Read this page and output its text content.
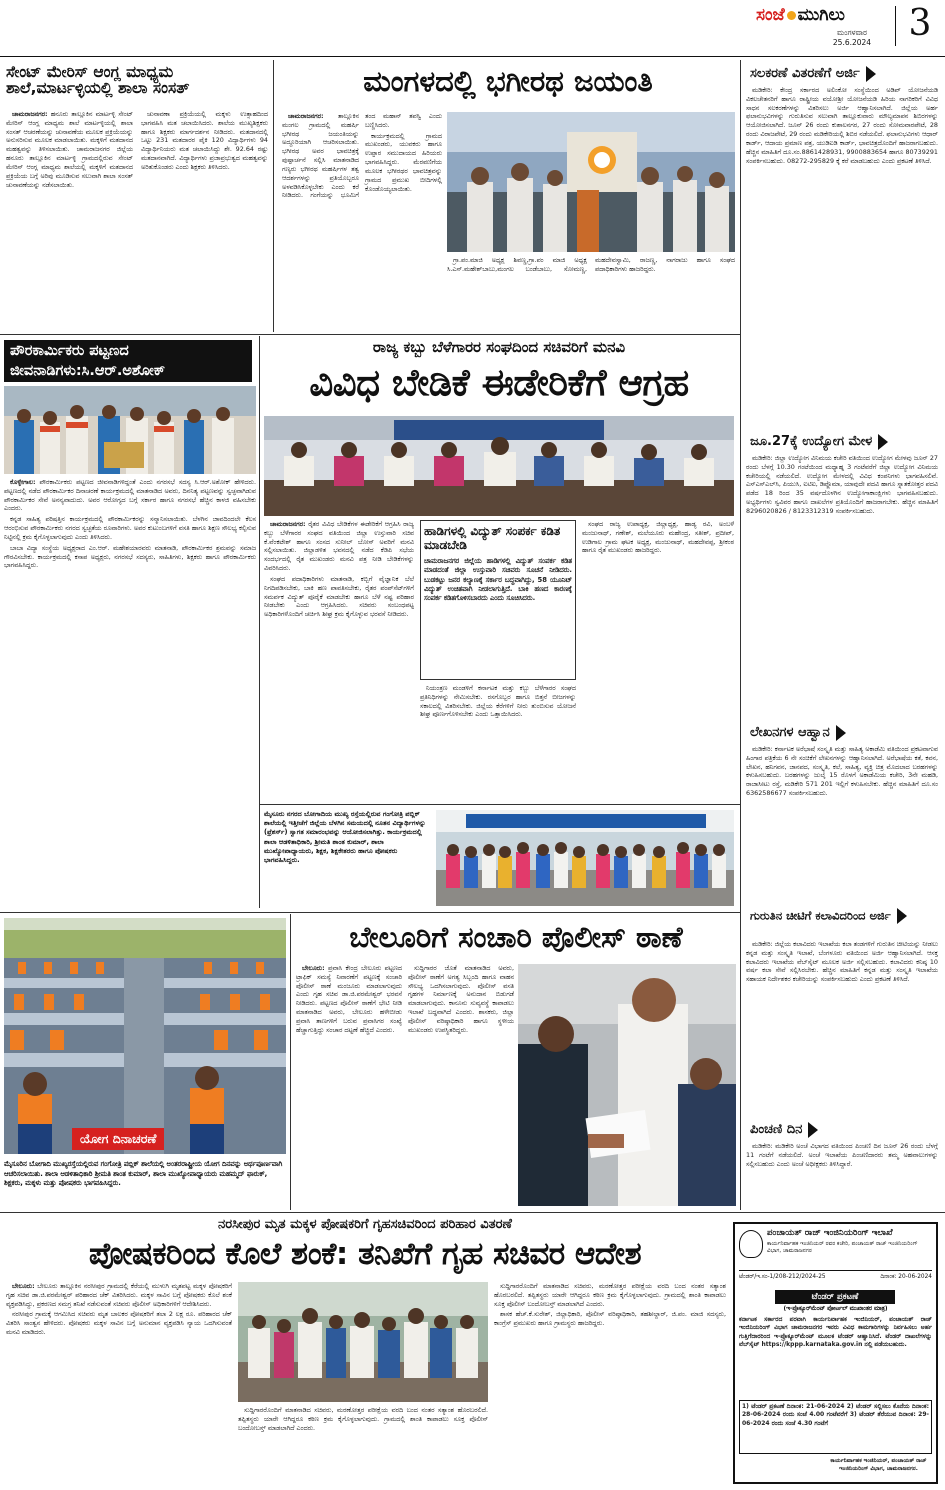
ಸಂಜೆ ಮುಗಿಲು
ಮಂಗಳವಾರ
25.6.2024	3
ಸೇಂಟ್ ಮೇರಿಸ್ ಆಂಗ್ಲ ಮಾಧ್ಯಮ ಶಾಲೆ,ಮಾರ್ಟಳ್ಳಿಯಲ್ಲಿ ಶಾಲಾ ಸಂಸತ್

ಚಾಮರಾಜನಗರ: ಹನೂರು ತಾಲ್ಲೂಕಿನ ಮಾರ್ಟಳ್ಳಿ ಸೇಂಟ್ ಮೇರಿಸ್ ಆಂಗ್ಲ ಮಾಧ್ಯಮ ಶಾಲೆ ಮಾರ್ಟಳ್ಳಿಯಲ್ಲಿ ಶಾಲಾ ಸಂಸತ್ ಆಚರಣೆಯನ್ನು ಚುನಾವಣೆಯ ಮೂಲಕ ಪ್ರಕ್ರಿಯೆಯನ್ನು ಅನುಸರಿಸುವ ಮೂಲಕ ಮಾಡಲಾಯಿತು. ಮಕ್ಕಳಿಗೆ ಮತದಾನದ ಮಹತ್ವವನ್ನು ತಿಳಿಸಲಾಯಿತು. ಚಾಮರಾಜನಗರ ಜಿಲ್ಲೆಯ ಹನೂರು ತಾಲ್ಲೂಕಿನ ಮಾರ್ಟಳ್ಳಿ ಗ್ರಾಮದಲ್ಲಿರುವ ಸೇಂಟ್ ಮೇರಿಸ್ ಆಂಗ್ಲ ಮಾಧ್ಯಮ ಶಾಲೆಯಲ್ಲಿ ಮಕ್ಕಳಿಗೆ ಮತದಾನದ ಪ್ರಕ್ರಿಯೆಯ ಬಗ್ಗೆ ಅರಿವು ಮೂಡಿಸುವ ಸಲುವಾಗಿ ಶಾಲಾ ಸಂಸತ್ ಚುನಾವಣೆಯನ್ನು ನಡೆಸಲಾಯಿತು.

ಚುನಾವಣಾ ಪ್ರಕ್ರಿಯೆಯಲ್ಲಿ ಮಕ್ಕಳು ಉತ್ಸಾಹದಿಂದ ಭಾಗವಹಿಸಿ ಮತ ಚಲಾಯಿಸಿದರು. ಶಾಲೆಯ ಮುಖ್ಯಶಿಕ್ಷಕರು ಹಾಗೂ ಶಿಕ್ಷಕರು ಮಾರ್ಗದರ್ಶನ ನೀಡಿದರು. ಮತದಾನದಲ್ಲಿ ಒಟ್ಟು 231 ಮತದಾರರ ಪೈಕಿ 120 ವಿದ್ಯಾರ್ಥಿಗಳು 94 ವಿದ್ಯಾರ್ಥಿನಿಯರು ಮತ ಚಲಾಯಿಸಿದ್ದು ಶೇ. 92.64 ರಷ್ಟು ಮತದಾನವಾಗಿದೆ. ವಿದ್ಯಾರ್ಥಿಗಳು ಪ್ರಜಾಪ್ರಭುತ್ವದ ಮಹತ್ವವನ್ನು ಅರಿತುಕೊಂಡರು ಎಂದು ಶಿಕ್ಷಕರು ತಿಳಿಸಿದರು.

ಮಂಗಳದಲ್ಲಿ ಭಗೀರಥ ಜಯಂತಿ

ಚಾಮರಾಜನಗರ: ತಾಲ್ಲೂಕಿನ ಮಂಗಲ ಗ್ರಾಮದಲ್ಲಿ ಮಹರ್ಷಿ ಭಗೀರಥ ಜಯಂತಿಯನ್ನು ಅದ್ದೂರಿಯಾಗಿ ಆಚರಿಸಲಾಯಿತು. ಭಗೀರಥ ಅವರ ಭಾವಚಿತ್ರಕ್ಕೆ ಪುಷ್ಪಾರ್ಚನೆ ಸಲ್ಲಿಸಿ ಮಾತನಾಡಿದ ಗಣ್ಯರು ಭಗೀರಥ ಮಹರ್ಷಿಗಳ ತತ್ವ ಆದರ್ಶಗಳನ್ನು ಪ್ರತಿಯೊಬ್ಬರೂ ಅಳವಡಿಸಿಕೊಳ್ಳಬೇಕು ಎಂದು ಕರೆ ನೀಡಿದರು. ಗಂಗೆಯನ್ನು ಭೂಮಿಗೆ ತಂದ ಮಹಾನ್ ತಪಸ್ವಿ ಎಂದು ಬಣ್ಣಿಸಿದರು.

ಕಾರ್ಯಕ್ರಮದಲ್ಲಿ ಗ್ರಾಮದ ಮುಖಂಡರು, ಯುವಕರು ಹಾಗೂ ಉಪ್ಪಾರ ಸಮುದಾಯದ ಹಿರಿಯರು ಭಾಗವಹಿಸಿದ್ದರು. ಮೆರವಣಿಗೆಯ ಮೂಲಕ ಭಗೀರಥರ ಭಾವಚಿತ್ರವನ್ನು ಗ್ರಾಮದ ಪ್ರಮುಖ ಬೀದಿಗಳಲ್ಲಿ ಕೊಂಡೊಯ್ಯಲಾಯಿತು.

ಗ್ರಾ.ಪಂ.ಮಾಜಿ ಅಧ್ಯಕ್ಷ ಶಿವಣ್ಣ,ಗ್ರಾ.ಪಂ ಮಾಜಿ ಅಧ್ಯಕ್ಷ ಸಿ.ಎಸ್.ಮಹೇಶ್‌ಬಾಬು,ಮಂಗಲ ಬಂಡೆಬಾಬು, ಸೋಮಣ್ಣ, ಮಹದೇವಸ್ವಾಮಿ, ರಾಜಣ್ಣ, ನಾಗರಾಜು ಹಾಗೂ ಸಂಘದ ಪದಾಧಿಕಾರಿಗಳು ಹಾಜರಿದ್ದರು.

ಸಲಕರಣೆ ವಿತರಣೆಗೆ ಅರ್ಜಿ
ಮಡಿಕೇರಿ: ಕೇಂದ್ರ ಸರ್ಕಾರದ ಅಲಿಂಕೋ ಸಂಸ್ಥೆಯಿಂದ ಅಡಿಪ್ ಯೋಜನೆಯಡಿ ವಿಕಲಚೇತನರಿಗೆ ಹಾಗೂ ರಾಷ್ಟ್ರೀಯ ವಯೋಶ್ರೀ ಯೋಜನೆಯಡಿ ಹಿರಿಯ ನಾಗರಿಕರಿಗೆ ವಿವಿಧ ಸಾಧನ ಸಲಕರಣೆಗಳನ್ನು ವಿತರಿಸಲು ಅರ್ಜಿ ಆಹ್ವಾನಿಸಲಾಗಿದೆ. ಜಿಲ್ಲೆಯ ಅರ್ಹ ಫಲಾನುಭವಿಗಳನ್ನು ಗುರುತಿಸುವ ಸಲುವಾಗಿ ತಾಲ್ಲೂಕುವಾರು ಮೌಲ್ಯಮಾಪನ ಶಿಬಿರಗಳನ್ನು ಆಯೋಜಿಸಲಾಗಿದೆ. ಜೂನ್ 26 ರಂದು ಕುಶಾಲನಗರ, 27 ರಂದು ಸೋಮವಾರಪೇಟೆ, 28 ರಂದು ವಿರಾಜಪೇಟೆ, 29 ರಂದು ಮಡಿಕೇರಿಯಲ್ಲಿ ಶಿಬಿರ ನಡೆಯಲಿದೆ. ಫಲಾನುಭವಿಗಳು ಆಧಾರ್ ಕಾರ್ಡ್, ಆದಾಯ ಪ್ರಮಾಣ ಪತ್ರ, ಯುಡಿಐಡಿ ಕಾರ್ಡ್, ಭಾವಚಿತ್ರದೊಂದಿಗೆ ಹಾಜರಾಗಬಹುದು. ಹೆಚ್ಚಿನ ಮಾಹಿತಿಗೆ ದೂ.ಸಂ.8861428931, 9900883654 ಹಾಗೂ 80739291 ಸಂಪರ್ಕಿಸಬಹುದು. 08272-295829 ಕ್ಕೆ ಕರೆ ಮಾಡಬಹುದು ಎಂದು ಪ್ರಕಟಣೆ ತಿಳಿಸಿದೆ.
ಜೂ.27ಕ್ಕೆ ಉದ್ಯೋಗ ಮೇಳ
ಮಡಿಕೇರಿ: ಜಿಲ್ಲಾ ಉದ್ಯೋಗ ವಿನಿಮಯ ಕಚೇರಿ ವತಿಯಿಂದ ಉದ್ಯೋಗ ಮೇಳವು ಜೂನ್ 27 ರಂದು ಬೆಳಗ್ಗೆ 10.30 ಗಂಟೆಯಿಂದ ಮಧ್ಯಾಹ್ನ 3 ಗಂಟೆವರೆಗೆ ಜಿಲ್ಲಾ ಉದ್ಯೋಗ ವಿನಿಮಯ ಕಚೇರಿಯಲ್ಲಿ ನಡೆಯಲಿದೆ. ಉದ್ಯೋಗ ಮೇಳದಲ್ಲಿ ವಿವಿಧ ಕಂಪನಿಗಳು ಭಾಗವಹಿಸಲಿವೆ. ಎಸ್‌ಎಸ್‌ಎಲ್‌ಸಿ, ಪಿಯುಸಿ, ಐಟಿಐ, ಡಿಪ್ಲೊಮಾ, ಯಾವುದೇ ಪದವಿ ಹಾಗೂ ಸ್ನಾತಕೋತ್ತರ ಪದವಿ ಪಡೆದ 18 ರಿಂದ 35 ವರ್ಷದೊಳಗಿನ ಉದ್ಯೋಗಾಕಾಂಕ್ಷಿಗಳು ಭಾಗವಹಿಸಬಹುದು. ಅಭ್ಯರ್ಥಿಗಳು ಸ್ವವಿವರ ಹಾಗೂ ದಾಖಲೆಗಳ ಪ್ರತಿಯೊಂದಿಗೆ ಹಾಜರಾಗಬೇಕು. ಹೆಚ್ಚಿನ ಮಾಹಿತಿಗೆ 8296020826 / 8123312319 ಸಂಪರ್ಕಿಸಬಹುದು.
ಲೇಖನಗಳ ಆಹ್ವಾನ
ಮಡಿಕೇರಿ: ಕರ್ನಾಟಕ ಅರೆಭಾಷೆ ಸಂಸ್ಕೃತಿ ಮತ್ತು ಸಾಹಿತ್ಯ ಅಕಾಡೆಮಿ ವತಿಯಿಂದ ಪ್ರಕಟವಾಗುವ ಹಿಂಗಾರ ಪತ್ರಿಕೆಯ 6 ನೇ ಸಂಚಿಕೆಗೆ ಲೇಖನಗಳನ್ನು ಆಹ್ವಾನಿಸಲಾಗಿದೆ. ಅರೆಭಾಷೆಯ ಕತೆ, ಕವನ, ಲೇಖನ, ಹನಿಗವನ, ಜಾನಪದ, ಸಂಸ್ಕೃತಿ, ಕಲೆ, ಸಾಹಿತ್ಯ, ವ್ಯಕ್ತಿ ಚಿತ್ರ ಮೊದಲಾದ ಬರಹಗಳನ್ನು ಕಳುಹಿಸಬಹುದು. ಬರಹಗಳನ್ನು ಜುಲೈ 15 ರೊಳಗೆ ಅಕಾಡೆಮಿಯ ಕಚೇರಿ, 3ನೇ ಮಹಡಿ, ರಾಜಾಸೀಟು ರಸ್ತೆ, ಮಡಿಕೇರಿ 571 201 ಇಲ್ಲಿಗೆ ಕಳುಹಿಸಬೇಕು. ಹೆಚ್ಚಿನ ಮಾಹಿತಿಗೆ ದೂ.ಸಂ 6362586677 ಸಂಪರ್ಕಿಸಬಹುದು.
ಗುರುತಿನ ಚೀಟಿಗೆ ಕಲಾವಿದರಿಂದ ಅರ್ಜಿ
ಮಡಿಕೇರಿ: ಜಿಲ್ಲೆಯ ಕಲಾವಿದರು ಇಲಾಖೆಯ ಕಲಾ ತಂಡಗಳಿಗೆ ಗುರುತಿನ ಚೀಟಿಯನ್ನು ನೀಡಲು ಕನ್ನಡ ಮತ್ತು ಸಂಸ್ಕೃತಿ ಇಲಾಖೆ, ಬೆಂಗಳೂರು ವತಿಯಿಂದ ಅರ್ಜಿ ಆಹ್ವಾನಿಸಲಾಗಿದೆ. ಆಸಕ್ತ ಕಲಾವಿದರು ಇಲಾಖೆಯ ವೆಬ್‌ಸೈಟ್ ಮೂಲಕ ಅರ್ಜಿ ಸಲ್ಲಿಸಬಹುದು. ಕಲಾವಿದರು ಕನಿಷ್ಠ 10 ವರ್ಷ ಕಲಾ ಸೇವೆ ಸಲ್ಲಿಸಿರಬೇಕು. ಹೆಚ್ಚಿನ ಮಾಹಿತಿಗೆ ಕನ್ನಡ ಮತ್ತು ಸಂಸ್ಕೃತಿ ಇಲಾಖೆಯ ಸಹಾಯಕ ನಿರ್ದೇಶಕರ ಕಚೇರಿಯನ್ನು ಸಂಪರ್ಕಿಸಬಹುದು ಎಂದು ಪ್ರಕಟಣೆ ತಿಳಿಸಿದೆ.
ಪಿಂಚಣಿ ದಿನ
ಮಡಿಕೇರಿ: ಮಡಿಕೇರಿ ಅಂಚೆ ವಿಭಾಗದ ವತಿಯಿಂದ ಪಿಂಚಣಿ ದಿನ ಜೂನ್ 26 ರಂದು ಬೆಳಗ್ಗೆ 11 ಗಂಟೆಗೆ ನಡೆಯಲಿದೆ. ಅಂಚೆ ಇಲಾಖೆಯ ಪಿಂಚಣಿದಾರರು ತಮ್ಮ ಅಹವಾಲುಗಳನ್ನು ಸಲ್ಲಿಸಬಹುದು ಎಂದು ಅಂಚೆ ಅಧೀಕ್ಷಕರು ತಿಳಿಸಿದ್ದಾರೆ.
ಪೌರಕಾರ್ಮಿಕರು ಪಟ್ಟಣದ ಜೀವನಾಡಿಗಳು:ಸಿ.ಆರ್.ಅಶೋಕ್

ಕೊಳ್ಳೇಗಾಲ: ಪೌರಕಾರ್ಮಿಕರು ಪಟ್ಟಣದ ಜೀವನಾಡಿಗಳಿದ್ದಂತೆ ಎಂದು ನಗರಸಭೆ ಸದಸ್ಯ ಸಿ.ಆರ್.ಅಶೋಕ್ ಹೇಳಿದರು. ಪಟ್ಟಣದಲ್ಲಿ ನಡೆದ ಪೌರಕಾರ್ಮಿಕರ ದಿನಾಚರಣೆ ಕಾರ್ಯಕ್ರಮದಲ್ಲಿ ಮಾತನಾಡಿದ ಅವರು, ದಿನನಿತ್ಯ ಪಟ್ಟಣವನ್ನು ಸ್ವಚ್ಛವಾಗಿಡುವ ಪೌರಕಾರ್ಮಿಕರ ಸೇವೆ ಅನನ್ಯವಾದುದು. ಅವರ ಆರೋಗ್ಯದ ಬಗ್ಗೆ ಸರ್ಕಾರ ಹಾಗೂ ನಗರಸಭೆ ಹೆಚ್ಚಿನ ಕಾಳಜಿ ವಹಿಸಬೇಕು ಎಂದರು.

ಕನ್ನಡ ಸಾಹಿತ್ಯ ಪರಿಷತ್ತಿನ ಕಾರ್ಯಕ್ರಮದಲ್ಲಿ ಪೌರಕಾರ್ಮಿಕರನ್ನು ಸನ್ಮಾನಿಸಲಾಯಿತು. ಬೆಳಗಿನ ಜಾವದಿಂದಲೇ ಕೆಲಸ ಆರಂಭಿಸುವ ಪೌರಕಾರ್ಮಿಕರು ನಗರದ ಸ್ವಚ್ಛತೆಯ ರೂವಾರಿಗಳು. ಅವರ ಕುಟುಂಬಗಳಿಗೆ ವಸತಿ ಹಾಗೂ ಶಿಕ್ಷಣ ಸೌಲಭ್ಯ ಕಲ್ಪಿಸುವ ನಿಟ್ಟಿನಲ್ಲಿ ಕ್ರಮ ಕೈಗೊಳ್ಳಲಾಗುವುದು ಎಂದು ತಿಳಿಸಿದರು.

ಬಾಬಾ ವಿದ್ಯಾ ಸಂಸ್ಥೆಯ ಅಧ್ಯಕ್ಷರಾದ ಎಂ.ಆರ್. ಮಹೇಶಯಾರವರು ಮಾತನಾಡಿ, ಪೌರಕಾರ್ಮಿಕರ ಶ್ರಮವನ್ನು ಸಮಾಜ ಗೌರವಿಸಬೇಕು. ಕಾರ್ಯಕ್ರಮದಲ್ಲಿ ಕಸಾಪ ಅಧ್ಯಕ್ಷರು, ನಗರಸಭೆ ಸದಸ್ಯರು, ಸಾಹಿತಿಗಳು, ಶಿಕ್ಷಕರು ಹಾಗೂ ಪೌರಕಾರ್ಮಿಕರು ಭಾಗವಹಿಸಿದ್ದರು.

ರಾಜ್ಯ ಕಬ್ಬು ಬೆಳೆಗಾರರ ಸಂಘದಿಂದ ಸಚಿವರಿಗೆ ಮನವಿ
ವಿವಿಧ ಬೇಡಿಕೆ ಈಡೇರಿಕೆಗೆ ಆಗ್ರಹ

ಚಾಮರಾಜನಗರ: ರೈತರ ವಿವಿಧ ಬೇಡಿಕೆಗಳ ಈಡೇರಿಕೆಗೆ ಆಗ್ರಹಿಸಿ ರಾಜ್ಯ ಕಬ್ಬು ಬೆಳೆಗಾರರ ಸಂಘದ ವತಿಯಿಂದ ಜಿಲ್ಲಾ ಉಸ್ತುವಾರಿ ಸಚಿವ ಕೆ.ವೆಂಕಟೇಶ್ ಹಾಗೂ ಸಂಸದ ಸುನೀಲ್ ಬೋಸ್ ಅವರಿಗೆ ಮನವಿ ಸಲ್ಲಿಸಲಾಯಿತು. ಜಿಲ್ಲಾಡಳಿತ ಭವನದಲ್ಲಿ ನಡೆದ ಕೆಡಿಪಿ ಸಭೆಯ ಸಂದರ್ಭದಲ್ಲಿ ರೈತ ಮುಖಂಡರು ಮನವಿ ಪತ್ರ ನೀಡಿ ಬೇಡಿಕೆಗಳನ್ನು ವಿವರಿಸಿದರು.

ಸಂಘದ ಪದಾಧಿಕಾರಿಗಳು ಮಾತನಾಡಿ, ಕಬ್ಬಿಗೆ ವೈಜ್ಞಾನಿಕ ಬೆಲೆ ನಿಗದಿಪಡಿಸಬೇಕು, ಬಾಕಿ ಹಣ ಪಾವತಿಸಬೇಕು, ರೈತರ ಪಂಪ್‌ಸೆಟ್‌ಗಳಿಗೆ ಸಮರ್ಪಕ ವಿದ್ಯುತ್ ಪೂರೈಕೆ ಮಾಡಬೇಕು ಹಾಗೂ ಬೆಳೆ ನಷ್ಟ ಪರಿಹಾರ ನೀಡಬೇಕು ಎಂದು ಆಗ್ರಹಿಸಿದರು. ಸಚಿವರು ಸಂಬಂಧಪಟ್ಟ ಅಧಿಕಾರಿಗಳೊಂದಿಗೆ ಚರ್ಚಿಸಿ ಶೀಘ್ರ ಕ್ರಮ ಕೈಗೊಳ್ಳುವ ಭರವಸೆ ನೀಡಿದರು.

ಹಾಡಿಗಳಲ್ಲಿ ವಿದ್ಯುತ್ ಸಂಪರ್ಕ ಕಡಿತ ಮಾಡಬೇಡಿ
ಚಾಮರಾಜನಗರ ಜಿಲ್ಲೆಯ ಹಾಡಿಗಳಲ್ಲಿ ವಿದ್ಯುತ್ ಸಂಪರ್ಕ ಕಡಿತ ಮಾಡದಂತೆ ಜಿಲ್ಲಾ ಉಸ್ತುವಾರಿ ಸಚಿವರು ಸೂಚನೆ ನೀಡಿದರು. ಬುಡಕಟ್ಟು ಜನರ ಕಲ್ಯಾಣಕ್ಕೆ ಸರ್ಕಾರ ಬದ್ಧವಾಗಿದ್ದು, 58 ಯೂನಿಟ್ ವಿದ್ಯುತ್ ಉಚಿತವಾಗಿ ನೀಡಲಾಗುತ್ತಿದೆ. ಬಾಕಿ ಹಣದ ಕಾರಣಕ್ಕೆ ಸಂಪರ್ಕ ಕಡಿತಗೊಳಿಸಬಾರದು ಎಂದು ಸೂಚಿಸಿದರು.

ನಿಯಂತ್ರಣ ಮಂಡಳಿಗೆ ಕರ್ನಾಟಕ ಮತ್ತು ಕಬ್ಬು ಬೆಳೆಗಾರರ ಸಂಘದ ಪ್ರತಿನಿಧಿಗಳನ್ನು ನೇಮಿಸಬೇಕು. ರಸಗೊಬ್ಬರ ಹಾಗೂ ಬಿತ್ತನೆ ಬೀಜಗಳನ್ನು ಸಕಾಲದಲ್ಲಿ ವಿತರಿಸಬೇಕು. ಜಿಲ್ಲೆಯ ಕೆರೆಗಳಿಗೆ ನೀರು ತುಂಬಿಸುವ ಯೋಜನೆ ಶೀಘ್ರ ಪೂರ್ಣಗೊಳಿಸಬೇಕು ಎಂದು ಒತ್ತಾಯಿಸಿದರು.

ಸಂಘದ ರಾಜ್ಯ ಉಪಾಧ್ಯಕ್ಷ, ಜಿಲ್ಲಾಧ್ಯಕ್ಷ, ಹಾಡ್ಯ ರವಿ, ಅಂಬಳೆ ಮಂಜುನಾಥ್, ಗಣೇಶ್, ಮಲೆಯೂರು ಮಹೇಂದ್ರ, ಸತೀಶ್, ಪ್ರದೀಪ್, ಉಡಿಗಾಲ ಗ್ರಾಮ ಘಟಕ ಅಧ್ಯಕ್ಷ, ಮಂಜುನಾಥ್, ಮಹದೇವಪ್ಪ, ಶ್ರೀಕಂಠ ಹಾಗೂ ರೈತ ಮುಖಂಡರು ಹಾಜರಿದ್ದರು.

ಮೈಸೂರು ನಗರದ ಬೋಗಾದಿಯ ಮುಖ್ಯ ರಸ್ತೆಯಲ್ಲಿರುವ ಗಂಗೋತ್ರಿ ಪಬ್ಲಿಕ್ ಶಾಲೆಯಲ್ಲಿ ಇತ್ತೀಚೆಗೆ ಜಿಲ್ಲೆಯ ಬೆಳಗಿನ ಸಮಯದಲ್ಲಿ ನೂತನ ವಿದ್ಯಾರ್ಥಿಗಳನ್ನು (ಫ್ರೆಶರ್ಸ್‌) ಸ್ವಾಗತ ಸಮಾರಂಭವನ್ನು ಆಯೋಜಿಸಲಾಗಿತ್ತು. ಕಾರ್ಯಕ್ರಮದಲ್ಲಿ ಶಾಲಾ ಆಡಳಿತಾಧಿಕಾರಿ, ಶ್ರೀಮತಿ ಶಾಂತ ಕುಮಾರ್, ಶಾಲಾ ಮುಖ್ಯೋಪಾಧ್ಯಾಯರು, ಶಿಕ್ಷಕ, ಶಿಕ್ಷಕೇತರರು ಹಾಗೂ ಪೋಷಕರು ಭಾಗವಹಿಸಿದ್ದರು.
ಯೋಗ ದಿನಾಚರಣೆ
ಮೈಸೂರಿನ ಬೋಗಾದಿ ಮುಖ್ಯರಸ್ತೆಯಲ್ಲಿರುವ ಗಂಗೋತ್ರಿ ಪಬ್ಲಿಕ್ ಶಾಲೆಯಲ್ಲಿ ಅಂತರರಾಷ್ಟ್ರೀಯ ಯೋಗ ದಿನವನ್ನು ಅರ್ಥಪೂರ್ಣವಾಗಿ ಆಚರಿಸಲಾಯಿತು. ಶಾಲಾ ಆಡಳಿತಾಧಿಕಾರಿ ಶ್ರೀಮತಿ ಶಾಂತ ಕುಮಾರ್, ಶಾಲಾ ಮುಖ್ಯೋಪಾಧ್ಯಾಯರು ಮಹಮ್ಮದ್ ಫಾರುಕ್, ಶಿಕ್ಷಕರು, ಮಕ್ಕಳು ಮತ್ತು ಪೋಷಕರು ಭಾಗವಹಿಸಿದ್ದರು.
ಬೇಲೂರಿಗೆ ಸಂಚಾರಿ ಪೊಲೀಸ್ ಠಾಣೆ

ಬೇಲೂರು: ಪ್ರವಾಸಿ ಕೇಂದ್ರ ಬೇಲೂರು ಪಟ್ಟಣದ ಟ್ರಾಫಿಕ್ ಸಮಸ್ಯೆ ನಿವಾರಣೆಗೆ ಪಟ್ಟಣಕ್ಕೆ ಸಂಚಾರಿ ಪೊಲೀಸ್ ಠಾಣೆ ಮಂಜೂರು ಮಾಡಲಾಗುವುದು ಎಂದು ಗೃಹ ಸಚಿವ ಡಾ.ಜಿ.ಪರಮೇಶ್ವರ್ ಭರವಸೆ ನೀಡಿದರು. ಪಟ್ಟಣದ ಪೊಲೀಸ್ ಠಾಣೆಗೆ ಭೇಟಿ ನೀಡಿ ಮಾತನಾಡಿದ ಅವರು, ಬೇಲೂರು ಹಳೇಬೀಡು ಪ್ರವಾಸಿ ತಾಣಗಳಿಗೆ ಬರುವ ಪ್ರವಾಸಿಗರ ಸಂಖ್ಯೆ ಹೆಚ್ಚಾಗುತ್ತಿದ್ದು ಸಂಚಾರ ದಟ್ಟಣೆ ಹೆಚ್ಚಿದೆ ಎಂದರು.

ಸುದ್ದಿಗಾರರ ಜೊತೆ ಮಾತನಾಡಿದ ಅವರು, ಪೊಲೀಸ್ ಠಾಣೆಗೆ ಅಗತ್ಯ ಸಿಬ್ಬಂದಿ ಹಾಗೂ ವಾಹನ ಸೌಲಭ್ಯ ಒದಗಿಸಲಾಗುವುದು. ಪೊಲೀಸ್ ವಸತಿ ಗೃಹಗಳ ನಿರ್ಮಾಣಕ್ಕೆ ಅನುದಾನ ಬಿಡುಗಡೆ ಮಾಡಲಾಗುವುದು. ಕಾನೂನು ಸುವ್ಯವಸ್ಥೆ ಕಾಪಾಡಲು ಇಲಾಖೆ ಬದ್ಧವಾಗಿದೆ ಎಂದರು. ಶಾಸಕರು, ಜಿಲ್ಲಾ ಪೊಲೀಸ್ ವರಿಷ್ಠಾಧಿಕಾರಿ ಹಾಗೂ ಸ್ಥಳೀಯ ಮುಖಂಡರು ಉಪಸ್ಥಿತರಿದ್ದರು.

ನರಸೀಪುರ ಮೃತ ಮಕ್ಕಳ ಪೋಷಕರಿಗೆ ಗೃಹಸಚಿವರಿಂದ ಪರಿಹಾರ ವಿತರಣೆ
ಪೋಷಕರಿಂದ ಕೊಲೆ ಶಂಕೆ: ತನಿಖೆಗೆ ಗೃಹ ಸಚಿವರ ಆದೇಶ

ಬೇಲೂರು: ಬೇಲೂರು ತಾಲ್ಲೂಕಿನ ನರಸೀಪುರ ಗ್ರಾಮದಲ್ಲಿ ಕೆರೆಯಲ್ಲಿ ಮುಳುಗಿ ಮೃತಪಟ್ಟ ಮಕ್ಕಳ ಪೋಷಕರಿಗೆ ಗೃಹ ಸಚಿವ ಡಾ.ಜಿ.ಪರಮೇಶ್ವರ್ ಪರಿಹಾರದ ಚೆಕ್ ವಿತರಿಸಿದರು. ಮಕ್ಕಳ ಸಾವಿನ ಬಗ್ಗೆ ಪೋಷಕರು ಕೊಲೆ ಶಂಕೆ ವ್ಯಕ್ತಪಡಿಸಿದ್ದು, ಪ್ರಕರಣದ ಸಮಗ್ರ ತನಿಖೆ ನಡೆಸುವಂತೆ ಸಚಿವರು ಪೊಲೀಸ್ ಅಧಿಕಾರಿಗಳಿಗೆ ಆದೇಶಿಸಿದರು.

ನರಸೀಪುರ ಗ್ರಾಮಕ್ಕೆ ಆಗಮಿಸಿದ ಸಚಿವರು ಮೃತ ಬಾಲಕರ ಪೋಷಕರಿಗೆ ತಲಾ 2 ಲಕ್ಷ ರೂ. ಪರಿಹಾರದ ಚೆಕ್ ವಿತರಿಸಿ ಸಾಂತ್ವನ ಹೇಳಿದರು. ಪೋಷಕರು ಮಕ್ಕಳ ಸಾವಿನ ಬಗ್ಗೆ ಅನುಮಾನ ವ್ಯಕ್ತಪಡಿಸಿ ನ್ಯಾಯ ಒದಗಿಸುವಂತೆ ಮನವಿ ಮಾಡಿದರು.

ಸುದ್ದಿಗಾರರೊಂದಿಗೆ ಮಾತನಾಡಿದ ಸಚಿವರು, ಮರಣೋತ್ತರ ಪರೀಕ್ಷೆಯ ವರದಿ ಬಂದ ನಂತರ ಸತ್ಯಾಂಶ ಹೊರಬರಲಿದೆ. ತಪ್ಪಿತಸ್ಥರು ಯಾರೇ ಆಗಿದ್ದರೂ ಕಠಿಣ ಕ್ರಮ ಕೈಗೊಳ್ಳಲಾಗುವುದು. ಗ್ರಾಮದಲ್ಲಿ ಶಾಂತಿ ಕಾಪಾಡಲು ಸೂಕ್ತ ಪೊಲೀಸ್ ಬಂದೋಬಸ್ತ್ ಮಾಡಲಾಗಿದೆ ಎಂದರು.

ಸುದ್ದಿಗಾರರೊಂದಿಗೆ ಮಾತನಾಡಿದ ಸಚಿವರು, ಮರಣೋತ್ತರ ಪರೀಕ್ಷೆಯ ವರದಿ ಬಂದ ನಂತರ ಸತ್ಯಾಂಶ ಹೊರಬರಲಿದೆ. ತಪ್ಪಿತಸ್ಥರು ಯಾರೇ ಆಗಿದ್ದರೂ ಕಠಿಣ ಕ್ರಮ ಕೈಗೊಳ್ಳಲಾಗುವುದು. ಗ್ರಾಮದಲ್ಲಿ ಶಾಂತಿ ಕಾಪಾಡಲು ಸೂಕ್ತ ಪೊಲೀಸ್ ಬಂದೋಬಸ್ತ್ ಮಾಡಲಾಗಿದೆ ಎಂದರು.

ಶಾಸಕ ಹೆಚ್.ಕೆ.ಸುರೇಶ್, ಜಿಲ್ಲಾಧಿಕಾರಿ, ಪೊಲೀಸ್ ವರಿಷ್ಠಾಧಿಕಾರಿ, ತಹಶೀಲ್ದಾರ್, ಜಿ.ಪಂ. ಮಾಜಿ ಸದಸ್ಯರು, ಕಾಂಗ್ರೆಸ್ ಪ್ರಮುಖರು ಹಾಗೂ ಗ್ರಾಮಸ್ಥರು ಹಾಜರಿದ್ದರು.

ಪಂಚಾಯತ್ ರಾಜ್ ಇಂಜಿನಿಯರಿಂಗ್ ಇಲಾಖೆ
ಕಾರ್ಯನಿರ್ವಾಹಕ ಇಂಜಿನಿಯರ್ ರವರ ಕಚೇರಿ, ಪಂಚಾಯತ್ ರಾಜ್ ಇಂಜಿನಿಯರಿಂಗ್ ವಿಭಾಗ, ಚಾಮರಾಜನಗರ
ಟೆಂಡರ್/ಇ.ಸಂ-1/208-212/2024-25	ದಿನಾಂಕ: 20-06-2024
ಟೆಂಡರ್ ಪ್ರಕಟಣೆ
(ಇ-ಪ್ರೊಕ್ಯೂರ್‌ಮೆಂಟ್ ಪೋರ್ಟಲ್ ಮುಖಾಂತರ ಮಾತ್ರ)
ಕರ್ನಾಟಕ ಸರ್ಕಾರದ ಪರವಾಗಿ ಕಾರ್ಯನಿರ್ವಾಹಕ ಇಂಜಿನಿಯರ್, ಪಂಚಾಯತ್ ರಾಜ್ ಇಂಜಿನಿಯರಿಂಗ್ ವಿಭಾಗ ಚಾಮರಾಜನಗರ ಇವರು ವಿವಿಧ ಕಾಮಗಾರಿಗಳನ್ನು ನಿರ್ವಹಿಸಲು ಅರ್ಹ ಗುತ್ತಿಗೆದಾರರಿಂದ ಇ-ಪ್ರೊಕ್ಯೂರ್‌ಮೆಂಟ್ ಮೂಲಕ ಟೆಂಡರ್ ಆಹ್ವಾನಿಸಿದೆ. ಟೆಂಡರ್ ದಾಖಲೆಗಳನ್ನು ವೆಬ್‌ಸೈಟ್ https://kppp.karnataka.gov.in ನಲ್ಲಿ ಪಡೆಯಬಹುದು.
1) ಟೆಂಡರ್ ಪ್ರಕಟಣೆ ದಿನಾಂಕ: 21-06-2024 2) ಟೆಂಡರ್ ಸಲ್ಲಿಸಲು ಕೊನೆಯ ದಿನಾಂಕ: 28-06-2024 ರಂದು ಸಂಜೆ 4.00 ಗಂಟೆವರೆಗೆ 3) ಟೆಂಡರ್ ತೆರೆಯುವ ದಿನಾಂಕ: 29-06-2024 ರಂದು ಸಂಜೆ 4.30 ಗಂಟೆಗೆ
ಕಾರ್ಯನಿರ್ವಾಹಕ ಇಂಜಿನಿಯರ್, ಪಂಚಾಯತ್ ರಾಜ್ ಇಂಜಿನಿಯರಿಂಗ್ ವಿಭಾಗ, ಚಾಮರಾಜನಗರ.
